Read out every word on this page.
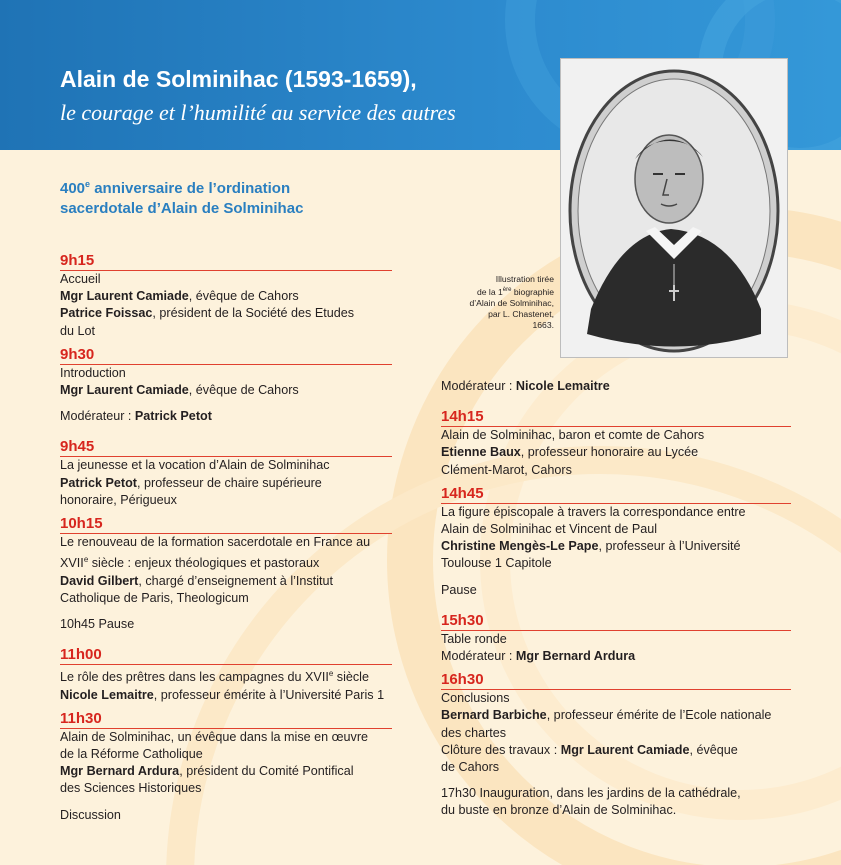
Alain de Solminihac (1593-1659),
le courage et l’humilité au service des autres
Illustration tirée
de la 1ère biographie
d’Alain de Solminihac,
par L. Chastenet,
1663.
400e anniversaire de l’ordination
sacerdotale d’Alain de Solminihac
9h15
Accueil
Mgr Laurent Camiade, évêque de Cahors
Patrice Foissac, président de la Société des Etudes
du Lot
9h30
Introduction
Mgr Laurent Camiade, évêque de Cahors
Modérateur : Patrick Petot
9h45
La jeunesse et la vocation d’Alain de Solminihac
Patrick Petot, professeur de chaire supérieure
honoraire, Périgueux
10h15
Le renouveau de la formation sacerdotale en France au
XVIIe siècle : enjeux théologiques et pastoraux
David Gilbert, chargé d’enseignement à l’Institut
Catholique de Paris, Theologicum
10h45 Pause
11h00
Le rôle des prêtres dans les campagnes du XVIIe siècle
Nicole Lemaitre, professeur émérite à l’Université Paris 1
11h30
Alain de Solminihac, un évêque dans la mise en œuvre
de la Réforme Catholique
Mgr Bernard Ardura, président du Comité Pontifical
des Sciences Historiques
Discussion
Modérateur : Nicole Lemaitre
14h15
Alain de Solminihac, baron et comte de Cahors
Etienne Baux, professeur honoraire au Lycée
Clément-Marot, Cahors
14h45
La figure épiscopale à travers la correspondance entre
Alain de Solminihac et Vincent de Paul
Christine Mengès-Le Pape, professeur à l’Université
Toulouse 1 Capitole
Pause
15h30
Table ronde
Modérateur : Mgr Bernard Ardura
16h30
Conclusions
Bernard Barbiche, professeur émérite de l’Ecole nationale
des chartes
Clôture des travaux : Mgr Laurent Camiade, évêque
de Cahors
17h30 Inauguration, dans les jardins de la cathédrale,
du buste en bronze d’Alain de Solminihac.
